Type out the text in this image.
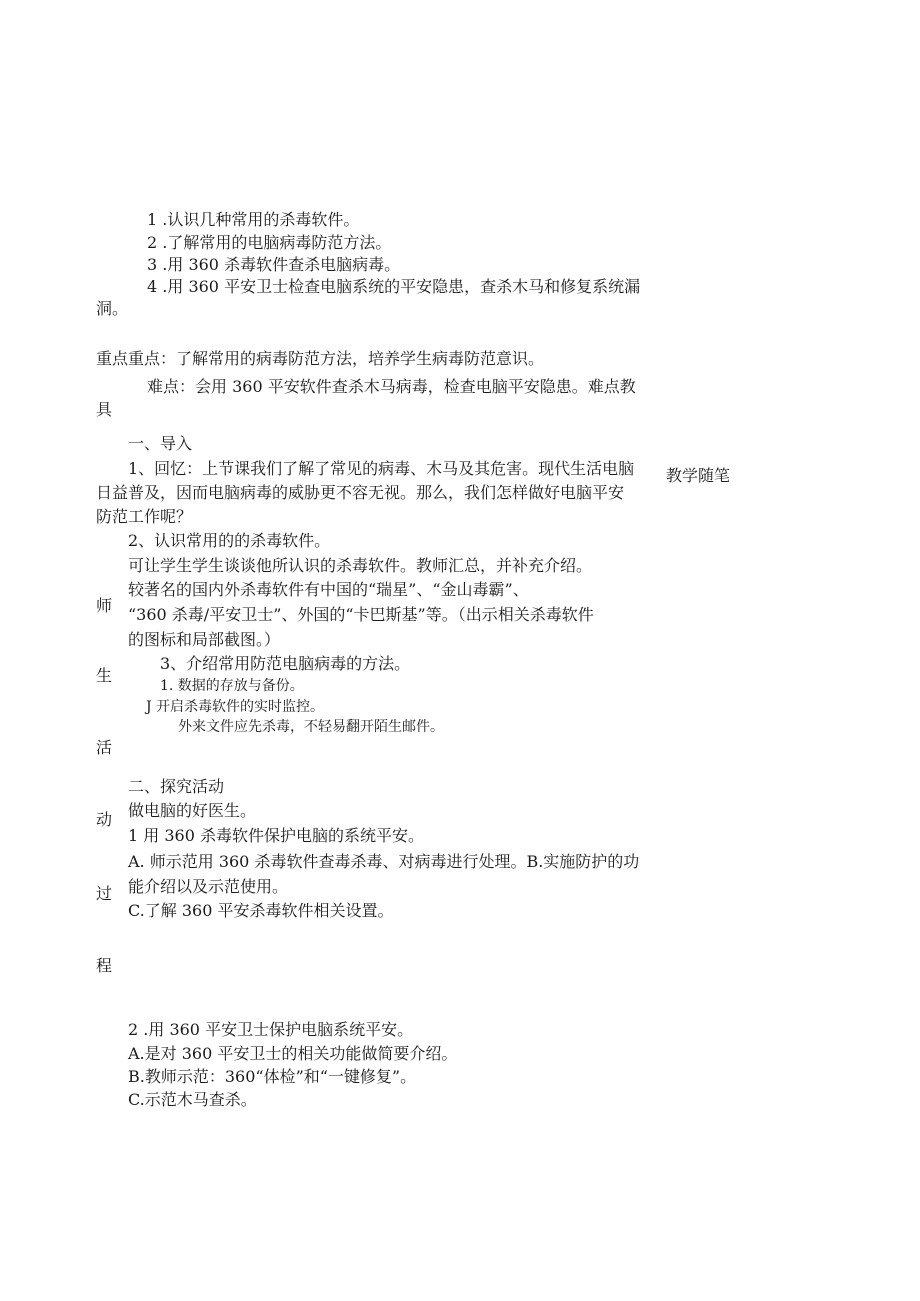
1 .认识几种常用的杀毒软件。
2 .了解常用的电脑病毒防范方法。
3 .用 360 杀毒软件查杀电脑病毒。
4 .用 360 平安卫士检查电脑系统的平安隐患，查杀木马和修复系统漏
洞。
重点重点：了解常用的病毒防范方法，培养学生病毒防范意识。
难点：会用 360 平安软件查杀木马病毒，检查电脑平安隐患。难点教
具
教学随笔
师
生
活
动
过
程
一、导入
1、回忆：上节课我们了解了常见的病毒、木马及其危害。现代生活电脑
日益普及，因而电脑病毒的威胁更不容无视。那么，我们怎样做好电脑平安
防范工作呢？
2、认识常用的的杀毒软件。
可让学生学生谈谈他所认识的杀毒软件。教师汇总，并补充介绍。
较著名的国内外杀毒软件有中国的“瑞星”、“金山毒霸”、
“360 杀毒/平安卫士”、外国的“卡巴斯基”等。（出示相关杀毒软件
的图标和局部截图。）
3、介绍常用防范电脑病毒的方法。
1. 数据的存放与备份。
J 开启杀毒软件的实时监控。
外来文件应先杀毒，不轻易翻开陌生邮件。
二、探究活动
做电脑的好医生。
1 用 360 杀毒软件保护电脑的系统平安。
A. 师示范用 360 杀毒软件查毒杀毒、对病毒进行处理。B.实施防护的功
能介绍以及示范使用。
C.了解 360 平安杀毒软件相关设置。
2 .用 360 平安卫士保护电脑系统平安。
A.是对 360 平安卫士的相关功能做简要介绍。
B.教师示范：360“体检”和“一键修复”。
C.示范木马查杀。
